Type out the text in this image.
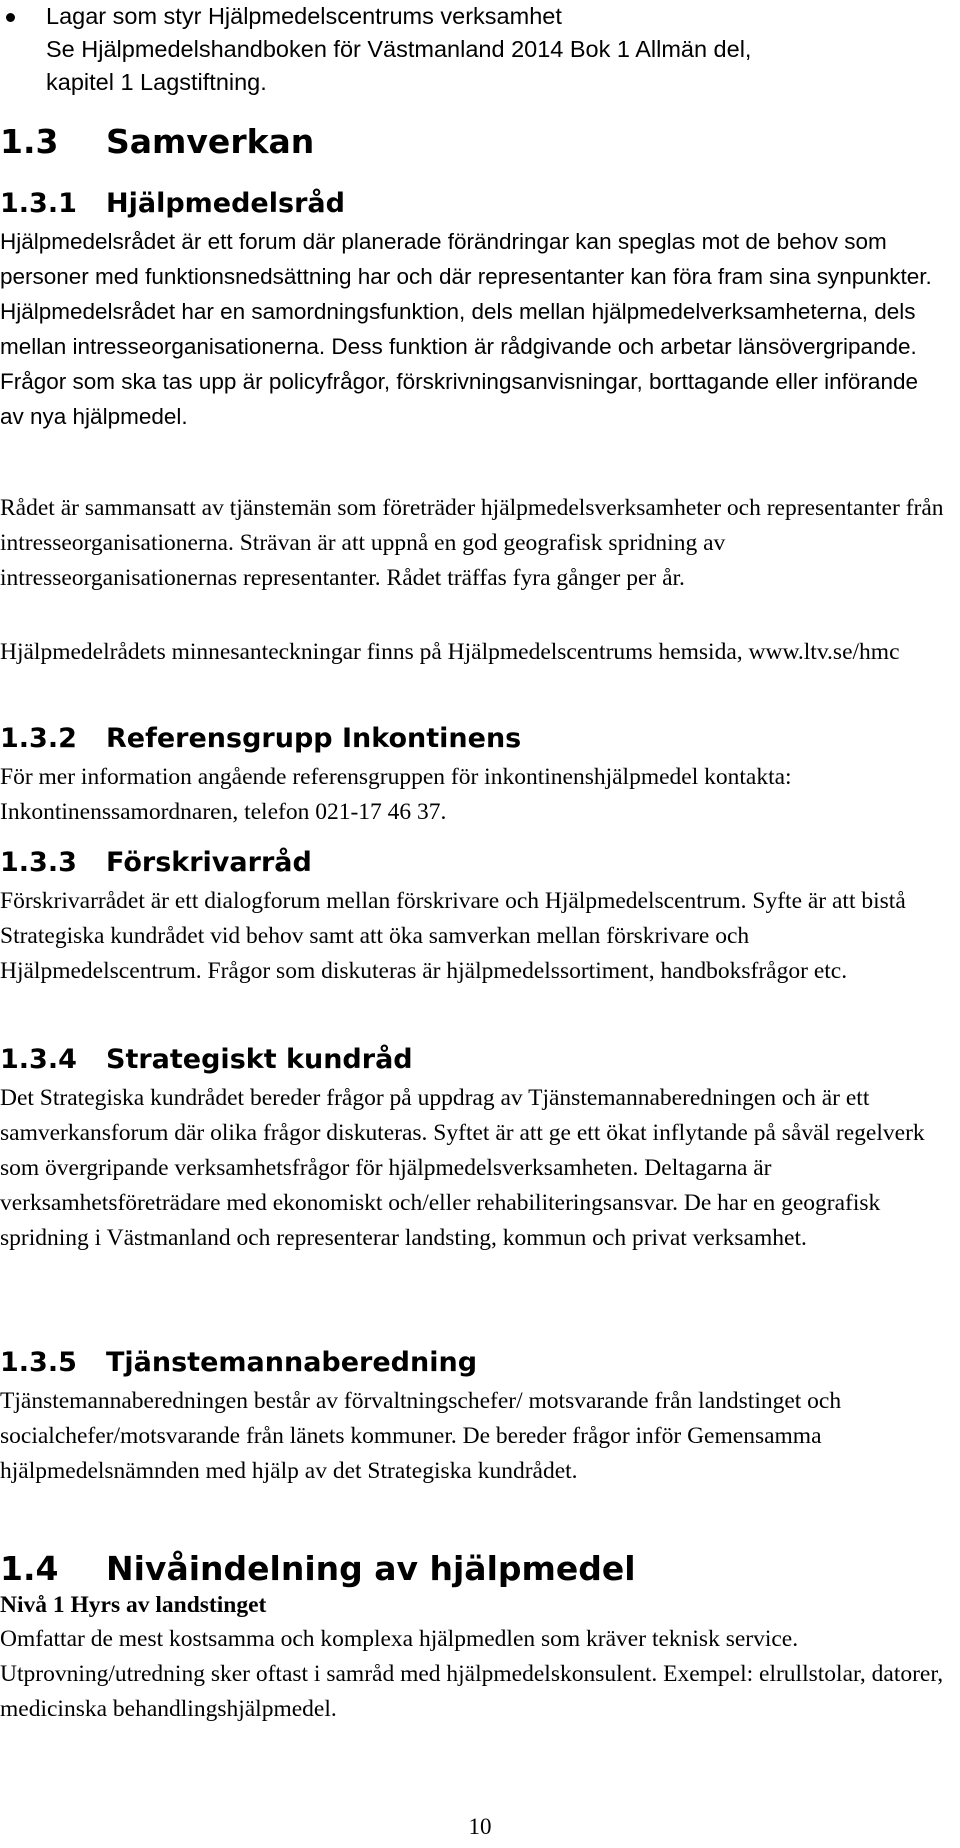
Lagar som styr Hjälpmedelscentrums verksamhet
Se Hjälpmedelshandboken för Västmanland 2014 Bok 1 Allmän del,
kapitel 1 Lagstiftning.
1.3 Samverkan
1.3.1 Hjälpmedelsråd
Hjälpmedelsrådet är ett forum där planerade förändringar kan speglas mot de behov som personer med funktionsnedsättning har och där representanter kan föra fram sina synpunkter. Hjälpmedelsrådet har en samordningsfunktion, dels mellan hjälpmedelverksamheterna, dels mellan intresseorganisationerna. Dess funktion är rådgivande och arbetar länsövergripande. Frågor som ska tas upp är policyfrågor, förskrivningsanvisningar, borttagande eller införande av nya hjälpmedel.
Rådet är sammansatt av tjänstemän som företräder hjälpmedelsverksamheter och representanter från intresseorganisationerna. Strävan är att uppnå en god geografisk spridning av intresseorganisationernas representanter. Rådet träffas fyra gånger per år.
Hjälpmedelrådets minnesanteckningar finns på Hjälpmedelscentrums hemsida, www.ltv.se/hmc
1.3.2 Referensgrupp Inkontinens
För mer information angående referensgruppen för inkontinenshjälpmedel kontakta: Inkontinenssamordnaren, telefon 021-17 46 37.
1.3.3 Förskrivarråd
Förskrivarrådet är ett dialogforum mellan förskrivare och Hjälpmedelscentrum. Syfte är att bistå Strategiska kundrådet vid behov samt att öka samverkan mellan förskrivare och Hjälpmedelscentrum. Frågor som diskuteras är hjälpmedelssortiment, handboksfrågor etc.
1.3.4 Strategiskt kundråd
Det Strategiska kundrådet bereder frågor på uppdrag av Tjänstemannaberedningen och är ett samverkansforum där olika frågor diskuteras. Syftet är att ge ett ökat inflytande på såväl regelverk som övergripande verksamhetsfrågor för hjälpmedelsverksamheten. Deltagarna är verksamhetsföreträdare med ekonomiskt och/eller rehabiliteringsansvar. De har en geografisk spridning i Västmanland och representerar landsting, kommun och privat verksamhet.
1.3.5 Tjänstemannaberedning
Tjänstemannaberedningen består av förvaltningschefer/ motsvarande från landstinget och socialchefer/motsvarande från länets kommuner. De bereder frågor inför Gemensamma hjälpmedelsnämnden med hjälp av det Strategiska kundrådet.
1.4 Nivåindelning av hjälpmedel
Nivå 1 Hyrs av landstinget
Omfattar de mest kostsamma och komplexa hjälpmedlen som kräver teknisk service. Utprovning/utredning sker oftast i samråd med hjälpmedelskonsulent. Exempel: elrullstolar, datorer, medicinska behandlingshjälpmedel.
10
